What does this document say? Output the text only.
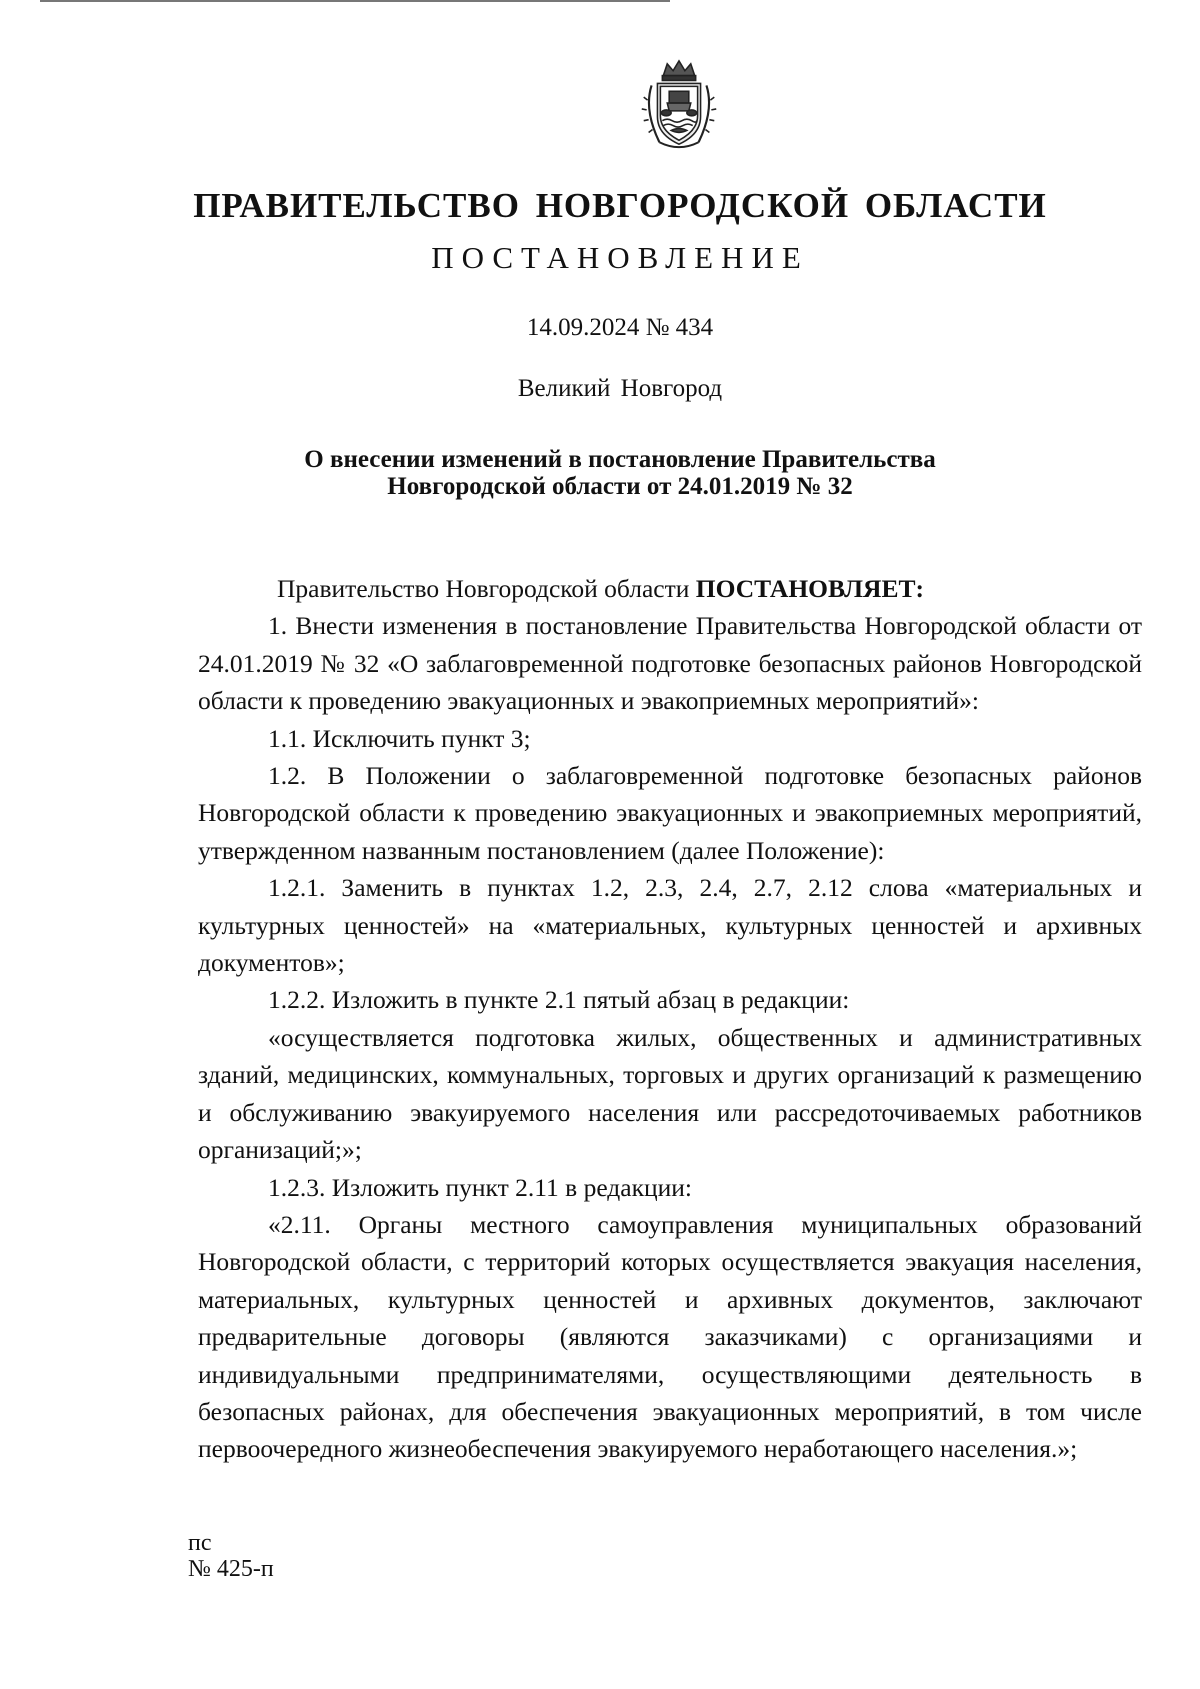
ПРАВИТЕЛЬСТВО НОВГОРОДСКОЙ ОБЛАСТИ
ПОСТАНОВЛЕНИЕ
14.09.2024 № 434
Великий Новгород
О внесении изменений в постановление Правительства
Новгородской области от 24.01.2019 № 32

Правительство Новгородской области ПОСТАНОВЛЯЕТ:

1. Внести изменения в постановление Правительства Новгородской области от 24.01.2019 № 32 «О заблаговременной подготовке безопасных районов Новгородской области к проведению эвакуационных и эвакоприемных мероприятий»:

1.1. Исключить пункт 3;

1.2. В Положении о заблаговременной подготовке безопасных районов Новгородской области к проведению эвакуационных и эвакоприемных мероприятий, утвержденном названным постановлением (далее Положение):

1.2.1. Заменить в пунктах 1.2, 2.3, 2.4, 2.7, 2.12 слова «материальных и культурных ценностей» на «материальных, культурных ценностей и архивных документов»;

1.2.2. Изложить в пункте 2.1 пятый абзац в редакции:

«осуществляется подготовка жилых, общественных и административных зданий, медицинских, коммунальных, торговых и других организаций к размещению и обслуживанию эвакуируемого населения или рассредоточиваемых работников организаций;»;

1.2.3. Изложить пункт 2.11 в редакции:

«2.11. Органы местного самоуправления муниципальных образований Новгородской области, с территорий которых осуществляется эвакуация населения, материальных, культурных ценностей и архивных документов, заключают предварительные договоры (являются заказчиками) с организациями и индивидуальными предпринимателями, осуществляющими деятельность в безопасных районах, для обеспечения эвакуационных мероприятий, в том числе первоочередного жизнеобеспечения эвакуируемого неработающего населения.»;

пс
№ 425-п
